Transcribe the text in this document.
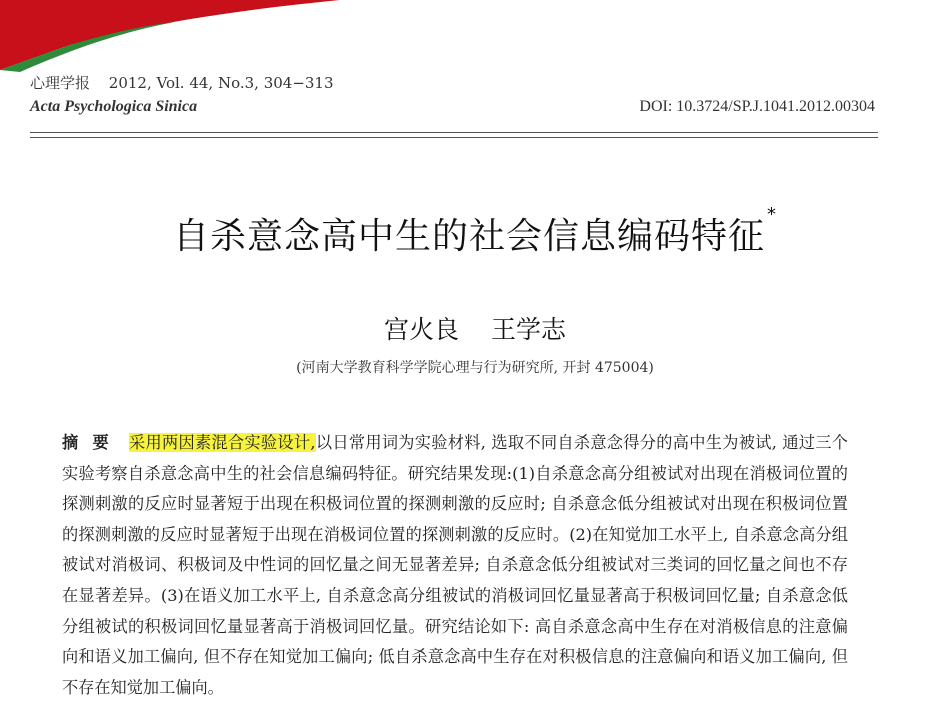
心理学报 2012, Vol. 44, No.3, 304−313
Acta Psychologica Sinica	DOI: 10.3724/SP.J.1041.2012.00304
自杀意念高中生的社会信息编码特征*
宫火良 王学志
(河南大学教育科学学院心理与行为研究所, 开封 475004)
摘要 采用两因素混合实验设计,以日常用词为实验材料, 选取不同自杀意念得分的高中生为被试, 通过三个实验考察自杀意念高中生的社会信息编码特征。研究结果发现:(1)自杀意念高分组被试对出现在消极词位置的探测刺激的反应时显著短于出现在积极词位置的探测刺激的反应时; 自杀意念低分组被试对出现在积极词位置的探测刺激的反应时显著短于出现在消极词位置的探测刺激的反应时。(2)在知觉加工水平上, 自杀意念高分组被试对消极词、积极词及中性词的回忆量之间无显著差异; 自杀意念低分组被试对三类词的回忆量之间也不存在显著差异。(3)在语义加工水平上, 自杀意念高分组被试的消极词回忆量显著高于积极词回忆量; 自杀意念低分组被试的积极词回忆量显著高于消极词回忆量。研究结论如下: 高自杀意念高中生存在对消极信息的注意偏向和语义加工偏向, 但不存在知觉加工偏向; 低自杀意念高中生存在对积极信息的注意偏向和语义加工偏向, 但不存在知觉加工偏向。
